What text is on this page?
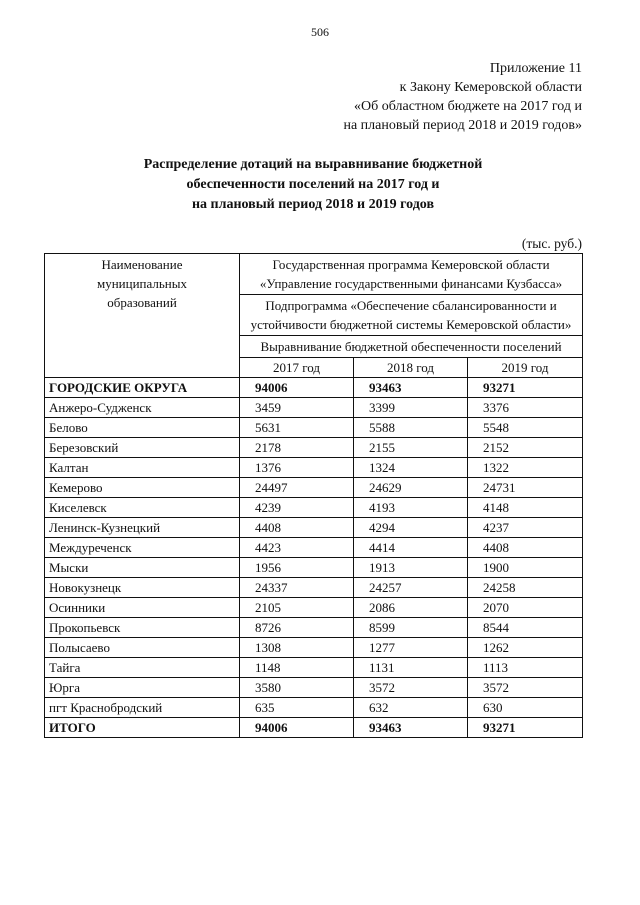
506
Приложение 11
к Закону Кемеровской области
«Об областном бюджете на 2017 год и
на плановый период 2018 и 2019 годов»
Распределение дотаций на выравнивание бюджетной
обеспеченности поселений на 2017 год и
на плановый период 2018 и 2019 годов
(тыс. руб.)
Наименование муниципальных образований	Государственная программа Кемеровской области «Управление государственными финансами Кузбасса»		
	Подпрограмма «Обеспечение сбалансированности и устойчивости бюджетной системы Кемеровской области»		
	Выравнивание бюджетной обеспеченности поселений		
	2017 год	2018 год	2019 год
ГОРОДСКИЕ ОКРУГА	94006	93463	93271
Анжеро-Судженск	3459	3399	3376
Белово	5631	5588	5548
Березовский	2178	2155	2152
Калтан	1376	1324	1322
Кемерово	24497	24629	24731
Киселевск	4239	4193	4148
Ленинск-Кузнецкий	4408	4294	4237
Междуреченск	4423	4414	4408
Мыски	1956	1913	1900
Новокузнецк	24337	24257	24258
Осинники	2105	2086	2070
Прокопьевск	8726	8599	8544
Полысаево	1308	1277	1262
Тайга	1148	1131	1113
Юрга	3580	3572	3572
пгт Краснобродский	635	632	630
ИТОГО	94006	93463	93271
